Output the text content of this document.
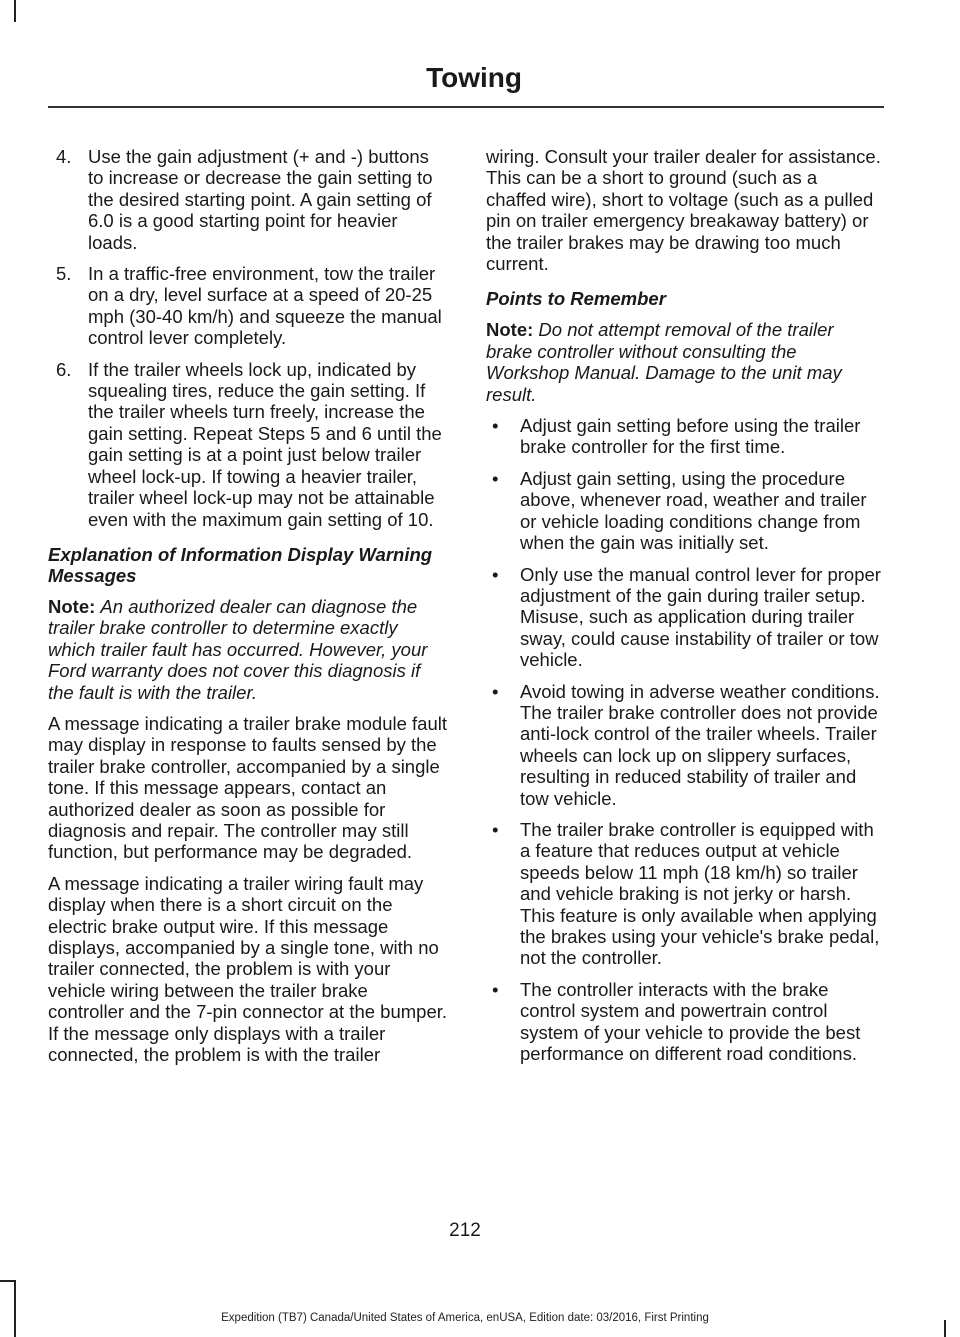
Towing
4. Use the gain adjustment (+ and -) buttons to increase or decrease the gain setting to the desired starting point. A gain setting of 6.0 is a good starting point for heavier loads.
5. In a traffic-free environment, tow the trailer on a dry, level surface at a speed of 20-25 mph (30-40 km/h) and squeeze the manual control lever completely.
6. If the trailer wheels lock up, indicated by squealing tires, reduce the gain setting. If the trailer wheels turn freely, increase the gain setting. Repeat Steps 5 and 6 until the gain setting is at a point just below trailer wheel lock-up. If towing a heavier trailer, trailer wheel lock-up may not be attainable even with the maximum gain setting of 10.
Explanation of Information Display Warning Messages

Note: An authorized dealer can diagnose the trailer brake controller to determine exactly which trailer fault has occurred. However, your Ford warranty does not cover this diagnosis if the fault is with the trailer.

A message indicating a trailer brake module fault may display in response to faults sensed by the trailer brake controller, accompanied by a single tone. If this message appears, contact an authorized dealer as soon as possible for diagnosis and repair. The controller may still function, but performance may be degraded.

A message indicating a trailer wiring fault may display when there is a short circuit on the electric brake output wire. If this message displays, accompanied by a single tone, with no trailer connected, the problem is with your vehicle wiring between the trailer brake controller and the 7-pin connector at the bumper. If the message only displays with a trailer connected, the problem is with the trailer

wiring. Consult your trailer dealer for assistance. This can be a short to ground (such as a chaffed wire), short to voltage (such as a pulled pin on trailer emergency breakaway battery) or the trailer brakes may be drawing too much current.

Points to Remember

Note: Do not attempt removal of the trailer brake controller without consulting the Workshop Manual. Damage to the unit may result.

• Adjust gain setting before using the trailer brake controller for the first time.
• Adjust gain setting, using the procedure above, whenever road, weather and trailer or vehicle loading conditions change from when the gain was initially set.
• Only use the manual control lever for proper adjustment of the gain during trailer setup. Misuse, such as application during trailer sway, could cause instability of trailer or tow vehicle.
• Avoid towing in adverse weather conditions. The trailer brake controller does not provide anti-lock control of the trailer wheels. Trailer wheels can lock up on slippery surfaces, resulting in reduced stability of trailer and tow vehicle.
• The trailer brake controller is equipped with a feature that reduces output at vehicle speeds below 11 mph (18 km/h) so trailer and vehicle braking is not jerky or harsh. This feature is only available when applying the brakes using your vehicle's brake pedal, not the controller.
• The controller interacts with the brake control system and powertrain control system of your vehicle to provide the best performance on different road conditions.
212
Expedition (TB7) Canada/United States of America, enUSA, Edition date: 03/2016, First Printing
